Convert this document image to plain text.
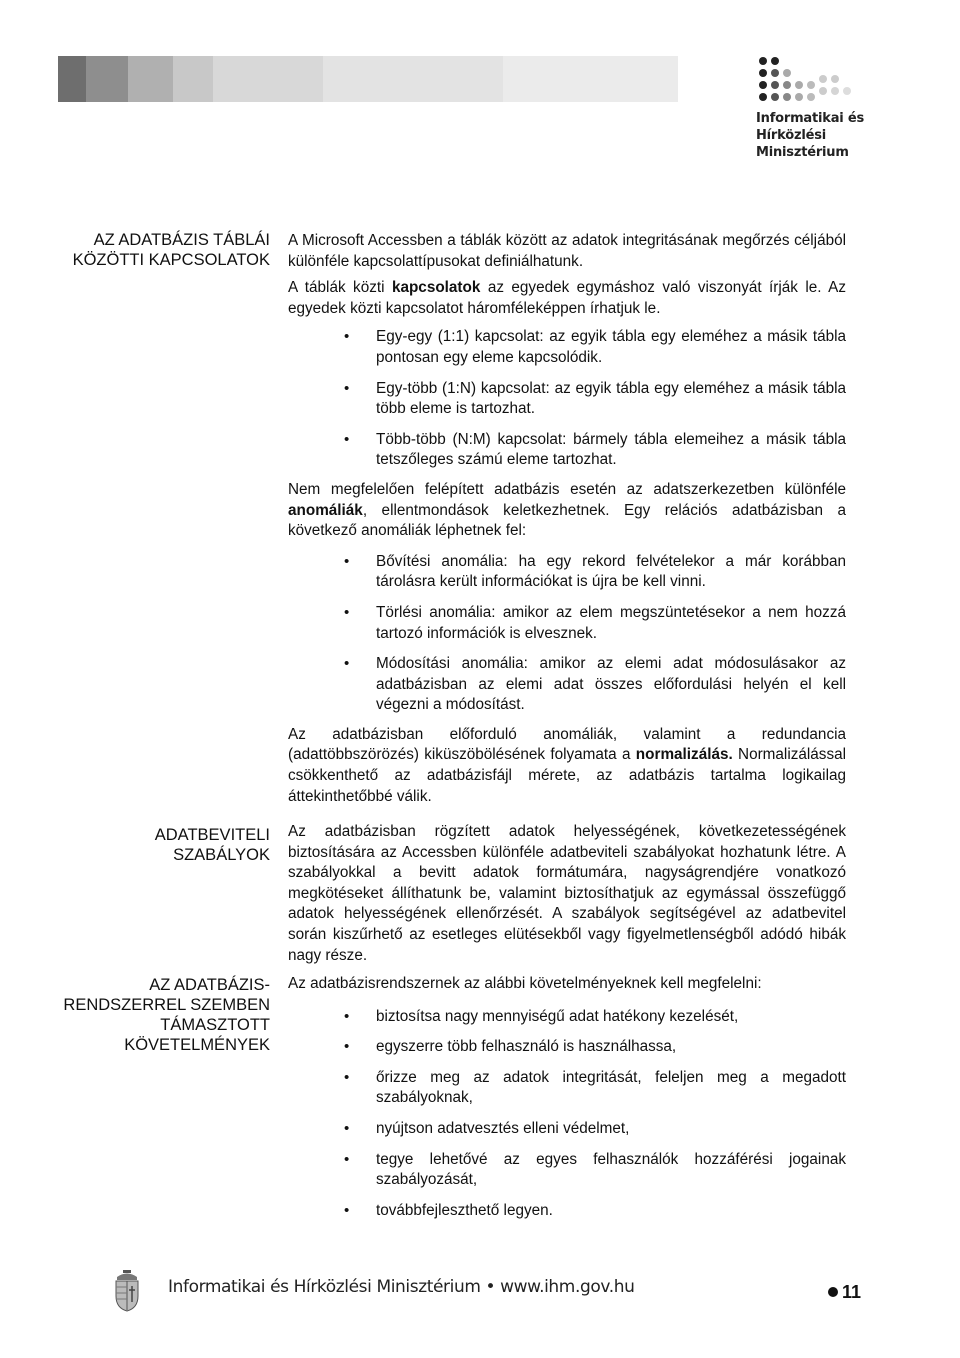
Informatikai és
Hírközlési
Minisztérium
AZ ADATBÁZIS TÁBLÁI
KÖZÖTTI KAPCSOLATOK
ADATBEVITELI
SZABÁLYOK
AZ ADATBÁZIS-
RENDSZERREL SZEMBEN
TÁMASZTOTT
KÖVETELMÉNYEK

A Microsoft Accessben a táblák között az adatok integritásának megőrzés céljából különféle kapcsolattípusokat definiálhatunk.

A táblák közti kapcsolatok az egyedek egymáshoz való viszonyát írják le. Az egyedek közti kapcsolatot háromféleképpen írhatjuk le.

• Egy-egy (1:1) kapcsolat: az egyik tábla egy eleméhez a másik tábla pontosan egy eleme kapcsolódik.
• Egy-több (1:N) kapcsolat: az egyik tábla egy eleméhez a másik tábla több eleme is tartozhat.
• Több-több (N:M) kapcsolat: bármely tábla elemeihez a másik tábla tetszőleges számú eleme tartozhat.

Nem megfelelően felépített adatbázis esetén az adatszerkezetben különféle anomáliák, ellentmondások keletkezhetnek. Egy relációs adatbázisban a következő anomáliák léphetnek fel:

• Bővítési anomália: ha egy rekord felvételekor a már korábban tárolásra került információkat is újra be kell vinni.
• Törlési anomália: amikor az elem megszüntetésekor a nem hozzá tartozó információk is elvesznek.
• Módosítási anomália: amikor az elemi adat módosulásakor az adatbázisban az elemi adat összes előfordulási helyén el kell végezni a módosítást.

Az adatbázisban előforduló anomáliák, valamint a redundancia (adattöbbszörözés) kiküszöbölésének folyamata a normalizálás. Normalizálással csökkenthető az adatbázisfájl mérete, az adatbázis tartalma logikailag áttekinthetőbbé válik.

Az adatbázisban rögzített adatok helyességének, következetességének biztosítására az Accessben különféle adatbeviteli szabályokat hozhatunk létre. A szabályokkal a bevitt adatok formátumára, nagyságrendjére vonatkozó megkötéseket állíthatunk be, valamint biztosíthatjuk az egymással összefüggő adatok helyességének ellenőrzését. A szabályok segítségével az adatbevitel során kiszűrhető az esetleges elütésekből vagy figyelmetlenségből adódó hibák nagy része.

Az adatbázisrendszernek az alábbi követelményeknek kell megfelelni:

• biztosítsa nagy mennyiségű adat hatékony kezelését,
• egyszerre több felhasználó is használhassa,
• őrizze meg az adatok integritását, feleljen meg a megadott szabályoknak,
• nyújtson adatvesztés elleni védelmet,
• tegye lehetővé az egyes felhasználók hozzáférési jogainak szabályozását,
• továbbfejleszthető legyen.
Informatikai és Hírközlési Minisztérium • www.ihm.gov.hu	11
